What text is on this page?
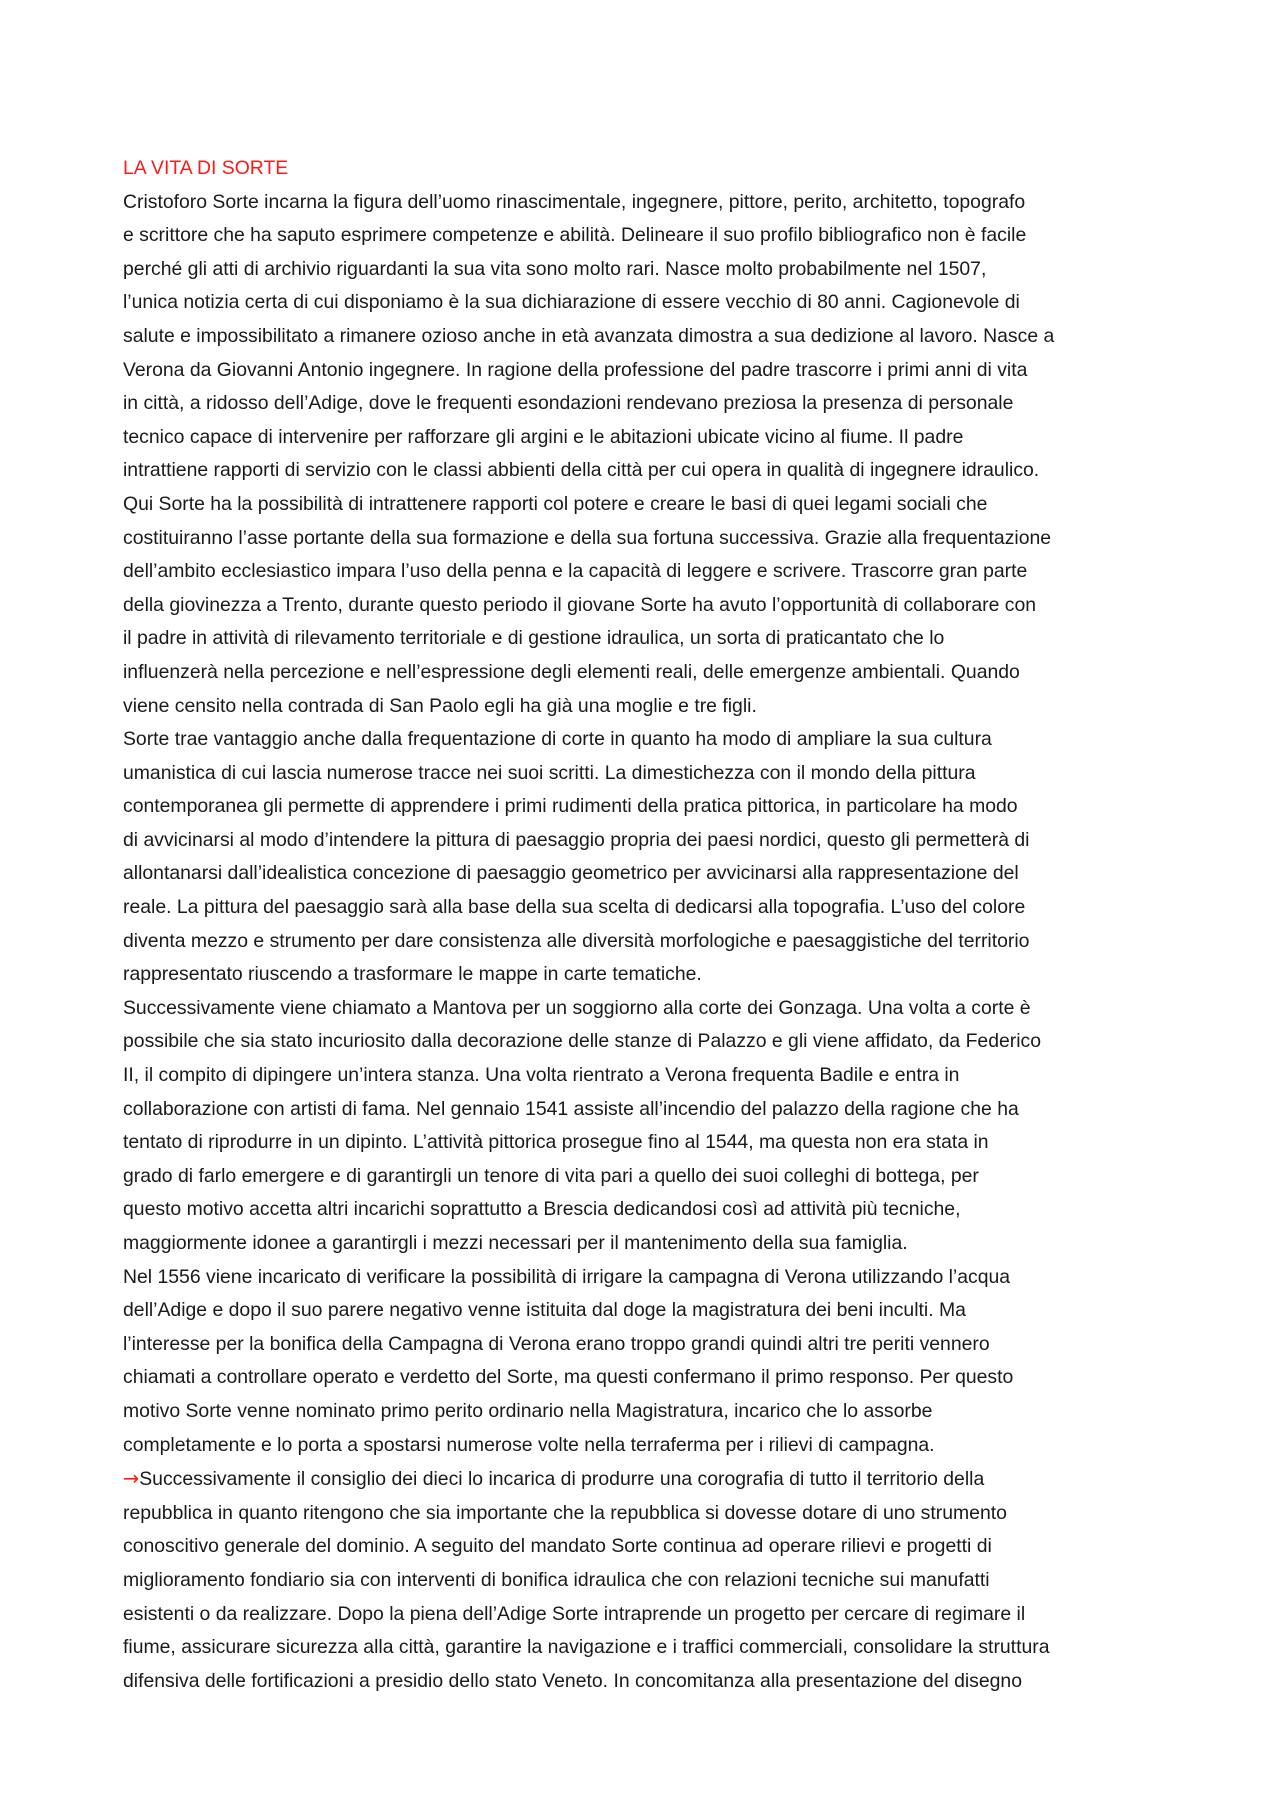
LA VITA DI SORTE

Cristoforo Sorte incarna la figura dell’uomo rinascimentale, ingegnere, pittore, perito, architetto, topografo
e scrittore che ha saputo esprimere competenze e abilità. Delineare il suo profilo bibliografico non è facile
perché gli atti di archivio riguardanti la sua vita sono molto rari. Nasce molto probabilmente nel 1507,
l’unica notizia certa di cui disponiamo è la sua dichiarazione di essere vecchio di 80 anni. Cagionevole di
salute e impossibilitato a rimanere ozioso anche in età avanzata dimostra a sua dedizione al lavoro. Nasce a
Verona da Giovanni Antonio ingegnere. In ragione della professione del padre trascorre i primi anni di vita
in città, a ridosso dell’Adige, dove le frequenti esondazioni rendevano preziosa la presenza di personale
tecnico capace di intervenire per rafforzare gli argini e le abitazioni ubicate vicino al fiume. Il padre
intrattiene rapporti di servizio con le classi abbienti della città per cui opera in qualità di ingegnere idraulico.
Qui Sorte ha la possibilità di intrattenere rapporti col potere e creare le basi di quei legami sociali che
costituiranno l’asse portante della sua formazione e della sua fortuna successiva. Grazie alla frequentazione
dell’ambito ecclesiastico impara l’uso della penna e la capacità di leggere e scrivere. Trascorre gran parte
della giovinezza a Trento, durante questo periodo il giovane Sorte ha avuto l’opportunità di collaborare con
il padre in attività di rilevamento territoriale e di gestione idraulica, un sorta di praticantato che lo
influenzerà nella percezione e nell’espressione degli elementi reali, delle emergenze ambientali. Quando
viene censito nella contrada di San Paolo egli ha già una moglie e tre figli.

Sorte trae vantaggio anche dalla frequentazione di corte in quanto ha modo di ampliare la sua cultura
umanistica di cui lascia numerose tracce nei suoi scritti. La dimestichezza con il mondo della pittura
contemporanea gli permette di apprendere i primi rudimenti della pratica pittorica, in particolare ha modo
di avvicinarsi al modo d’intendere la pittura di paesaggio propria dei paesi nordici, questo gli permetterà di
allontanarsi dall’idealistica concezione di paesaggio geometrico per avvicinarsi alla rappresentazione del
reale. La pittura del paesaggio sarà alla base della sua scelta di dedicarsi alla topografia. L’uso del colore
diventa mezzo e strumento per dare consistenza alle diversità morfologiche e paesaggistiche del territorio
rappresentato riuscendo a trasformare le mappe in carte tematiche.

Successivamente viene chiamato a Mantova per un soggiorno alla corte dei Gonzaga. Una volta a corte è
possibile che sia stato incuriosito dalla decorazione delle stanze di Palazzo e gli viene affidato, da Federico
II, il compito di dipingere un’intera stanza. Una volta rientrato a Verona frequenta Badile e entra in
collaborazione con artisti di fama. Nel gennaio 1541 assiste all’incendio del palazzo della ragione che ha
tentato di riprodurre in un dipinto. L’attività pittorica prosegue fino al 1544, ma questa non era stata in
grado di farlo emergere e di garantirgli un tenore di vita pari a quello dei suoi colleghi di bottega, per
questo motivo accetta altri incarichi soprattutto a Brescia dedicandosi così ad attività più tecniche,
maggiormente idonee a garantirgli i mezzi necessari per il mantenimento della sua famiglia.

Nel 1556 viene incaricato di verificare la possibilità di irrigare la campagna di Verona utilizzando l’acqua
dell’Adige e dopo il suo parere negativo venne istituita dal doge la magistratura dei beni inculti. Ma
l’interesse per la bonifica della Campagna di Verona erano troppo grandi quindi altri tre periti vennero
chiamati a controllare operato e verdetto del Sorte, ma questi confermano il primo responso. Per questo
motivo Sorte venne nominato primo perito ordinario nella Magistratura, incarico che lo assorbe
completamente e lo porta a spostarsi numerose volte nella terraferma per i rilievi di campagna.

→Successivamente il consiglio dei dieci lo incarica di produrre una corografia di tutto il territorio della
repubblica in quanto ritengono che sia importante che la repubblica si dovesse dotare di uno strumento
conoscitivo generale del dominio. A seguito del mandato Sorte continua ad operare rilievi e progetti di
miglioramento fondiario sia con interventi di bonifica idraulica che con relazioni tecniche sui manufatti
esistenti o da realizzare. Dopo la piena dell’Adige Sorte intraprende un progetto per cercare di regimare il
fiume, assicurare sicurezza alla città, garantire la navigazione e i traffici commerciali, consolidare la struttura
difensiva delle fortificazioni a presidio dello stato Veneto. In concomitanza alla presentazione del disegno
